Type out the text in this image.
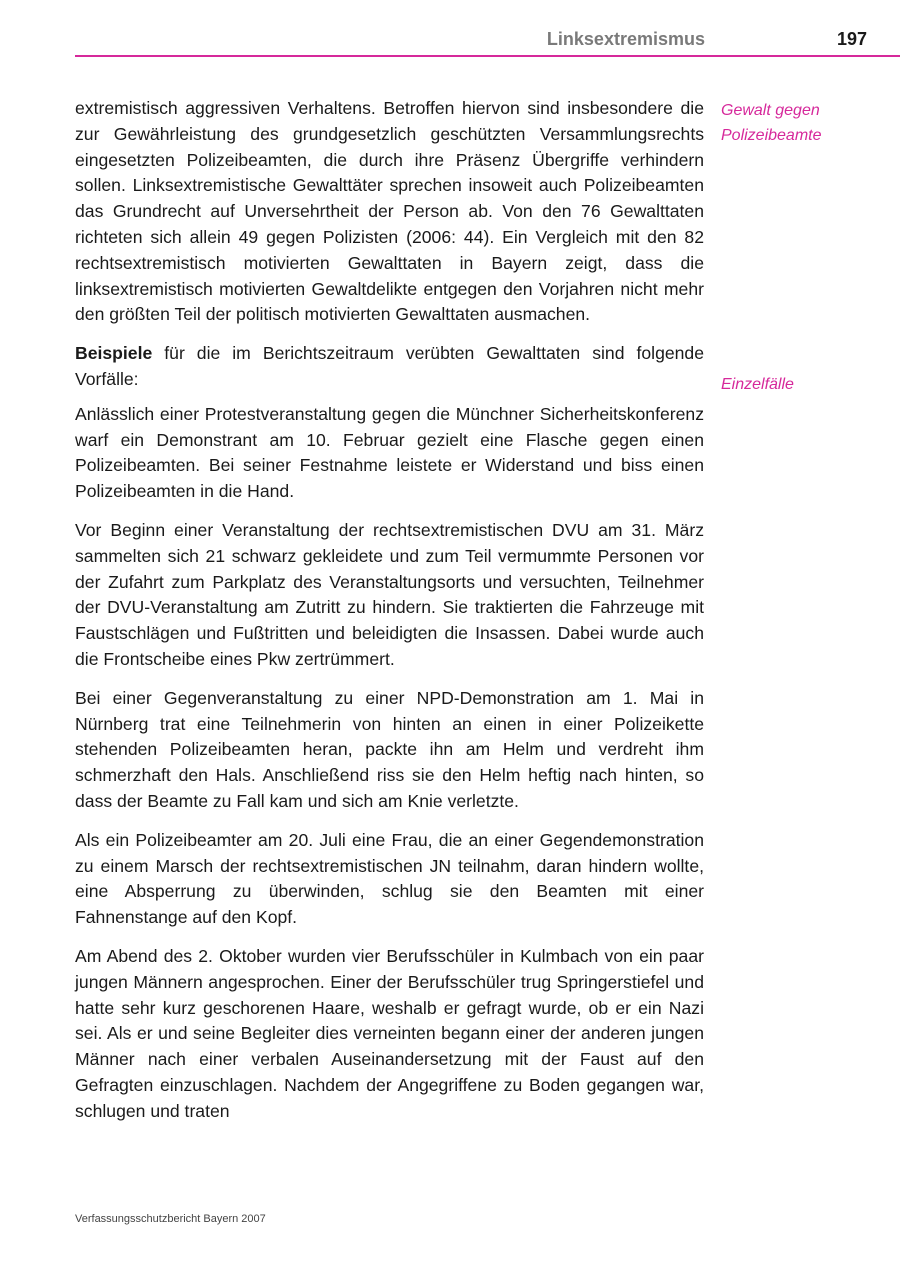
Linksextremismus	197
Gewalt gegen Polizeibeamte
Einzelfälle

extremistisch aggressiven Verhaltens. Betroffen hiervon sind insbesondere die zur Gewährleistung des grundgesetzlich geschützten Versammlungsrechts eingesetzten Polizeibeamten, die durch ihre Präsenz Übergriffe verhindern sollen. Linksextremistische Gewalttäter sprechen insoweit auch Polizeibeamten das Grundrecht auf Unversehrtheit der Person ab. Von den 76 Gewalttaten richteten sich allein 49 gegen Polizisten (2006: 44). Ein Vergleich mit den 82 rechtsextremistisch motivierten Gewalttaten in Bayern zeigt, dass die linksextremistisch motivierten Gewaltdelikte entgegen den Vorjahren nicht mehr den größten Teil der politisch motivierten Gewalttaten ausmachen.

Beispiele für die im Berichtszeitraum verübten Gewalttaten sind folgende Vorfälle:

Anlässlich einer Protestveranstaltung gegen die Münchner Sicherheitskonferenz warf ein Demonstrant am 10. Februar gezielt eine Flasche gegen einen Polizeibeamten. Bei seiner Festnahme leistete er Widerstand und biss einen Polizeibeamten in die Hand.

Vor Beginn einer Veranstaltung der rechtsextremistischen DVU am 31. März sammelten sich 21 schwarz gekleidete und zum Teil vermummte Personen vor der Zufahrt zum Parkplatz des Veranstaltungsorts und versuchten, Teilnehmer der DVU-Veranstaltung am Zutritt zu hindern. Sie traktierten die Fahrzeuge mit Faustschlägen und Fußtritten und beleidigten die Insassen. Dabei wurde auch die Frontscheibe eines Pkw zertrümmert.

Bei einer Gegenveranstaltung zu einer NPD-Demonstration am 1. Mai in Nürnberg trat eine Teilnehmerin von hinten an einen in einer Polizeikette stehenden Polizeibeamten heran, packte ihn am Helm und verdreht ihm schmerzhaft den Hals. Anschließend riss sie den Helm heftig nach hinten, so dass der Beamte zu Fall kam und sich am Knie verletzte.

Als ein Polizeibeamter am 20. Juli eine Frau, die an einer Gegendemonstration zu einem Marsch der rechtsextremistischen JN teilnahm, daran hindern wollte, eine Absperrung zu überwinden, schlug sie den Beamten mit einer Fahnenstange auf den Kopf.

Am Abend des 2. Oktober wurden vier Berufsschüler in Kulmbach von ein paar jungen Männern angesprochen. Einer der Berufsschüler trug Springerstiefel und hatte sehr kurz geschorenen Haare, weshalb er gefragt wurde, ob er ein Nazi sei. Als er und seine Begleiter dies verneinten begann einer der anderen jungen Männer nach einer verbalen Auseinandersetzung mit der Faust auf den Gefragten einzuschlagen. Nachdem der Angegriffene zu Boden gegangen war, schlugen und traten

Verfassungsschutzbericht Bayern 2007
